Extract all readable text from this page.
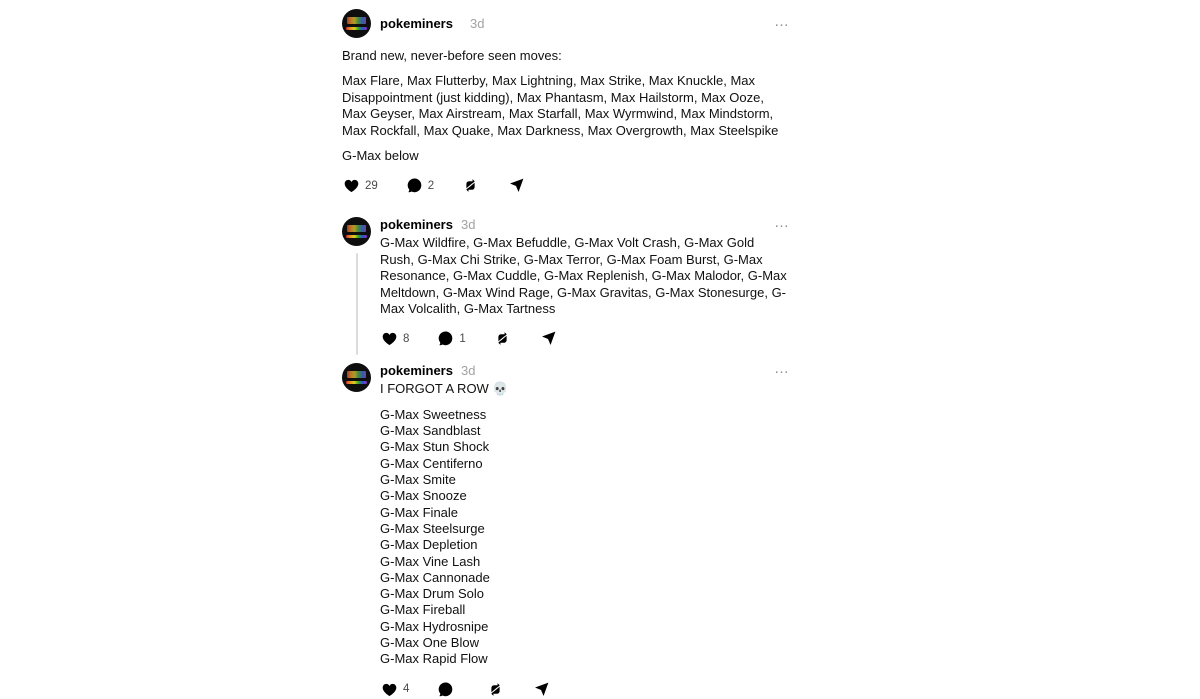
pokeminers 3d	…

Brand new, never-before seen moves:

Max Flare, Max Flutterby, Max Lightning, Max Strike, Max Knuckle, Max Disappointment (just kidding), Max Phantasm, Max Hailstorm, Max Ooze, Max Geyser, Max Airstream, Max Starfall, Max Wyrmwind, Max Mindstorm, Max Rockfall, Max Quake, Max Darkness, Max Overgrowth, Max Steelspike

G-Max below

29	2
pokeminers 3d	…

G-Max Wildfire, G-Max Befuddle, G-Max Volt Crash, G-Max Gold Rush, G-Max Chi Strike, G-Max Terror, G-Max Foam Burst, G-Max Resonance, G-Max Cuddle, G-Max Replenish, G-Max Malodor, G-Max Meltdown, G-Max Wind Rage, G-Max Gravitas, G-Max Stonesurge, G-Max Volcalith, G-Max Tartness

8	1
pokeminers 3d	…

I FORGOT A ROW 💀

G-Max Sweetness
G-Max Sandblast
G-Max Stun Shock
G-Max Centiferno
G-Max Smite
G-Max Snooze
G-Max Finale
G-Max Steelsurge
G-Max Depletion
G-Max Vine Lash
G-Max Cannonade
G-Max Drum Solo
G-Max Fireball
G-Max Hydrosnipe
G-Max One Blow
G-Max Rapid Flow
4
